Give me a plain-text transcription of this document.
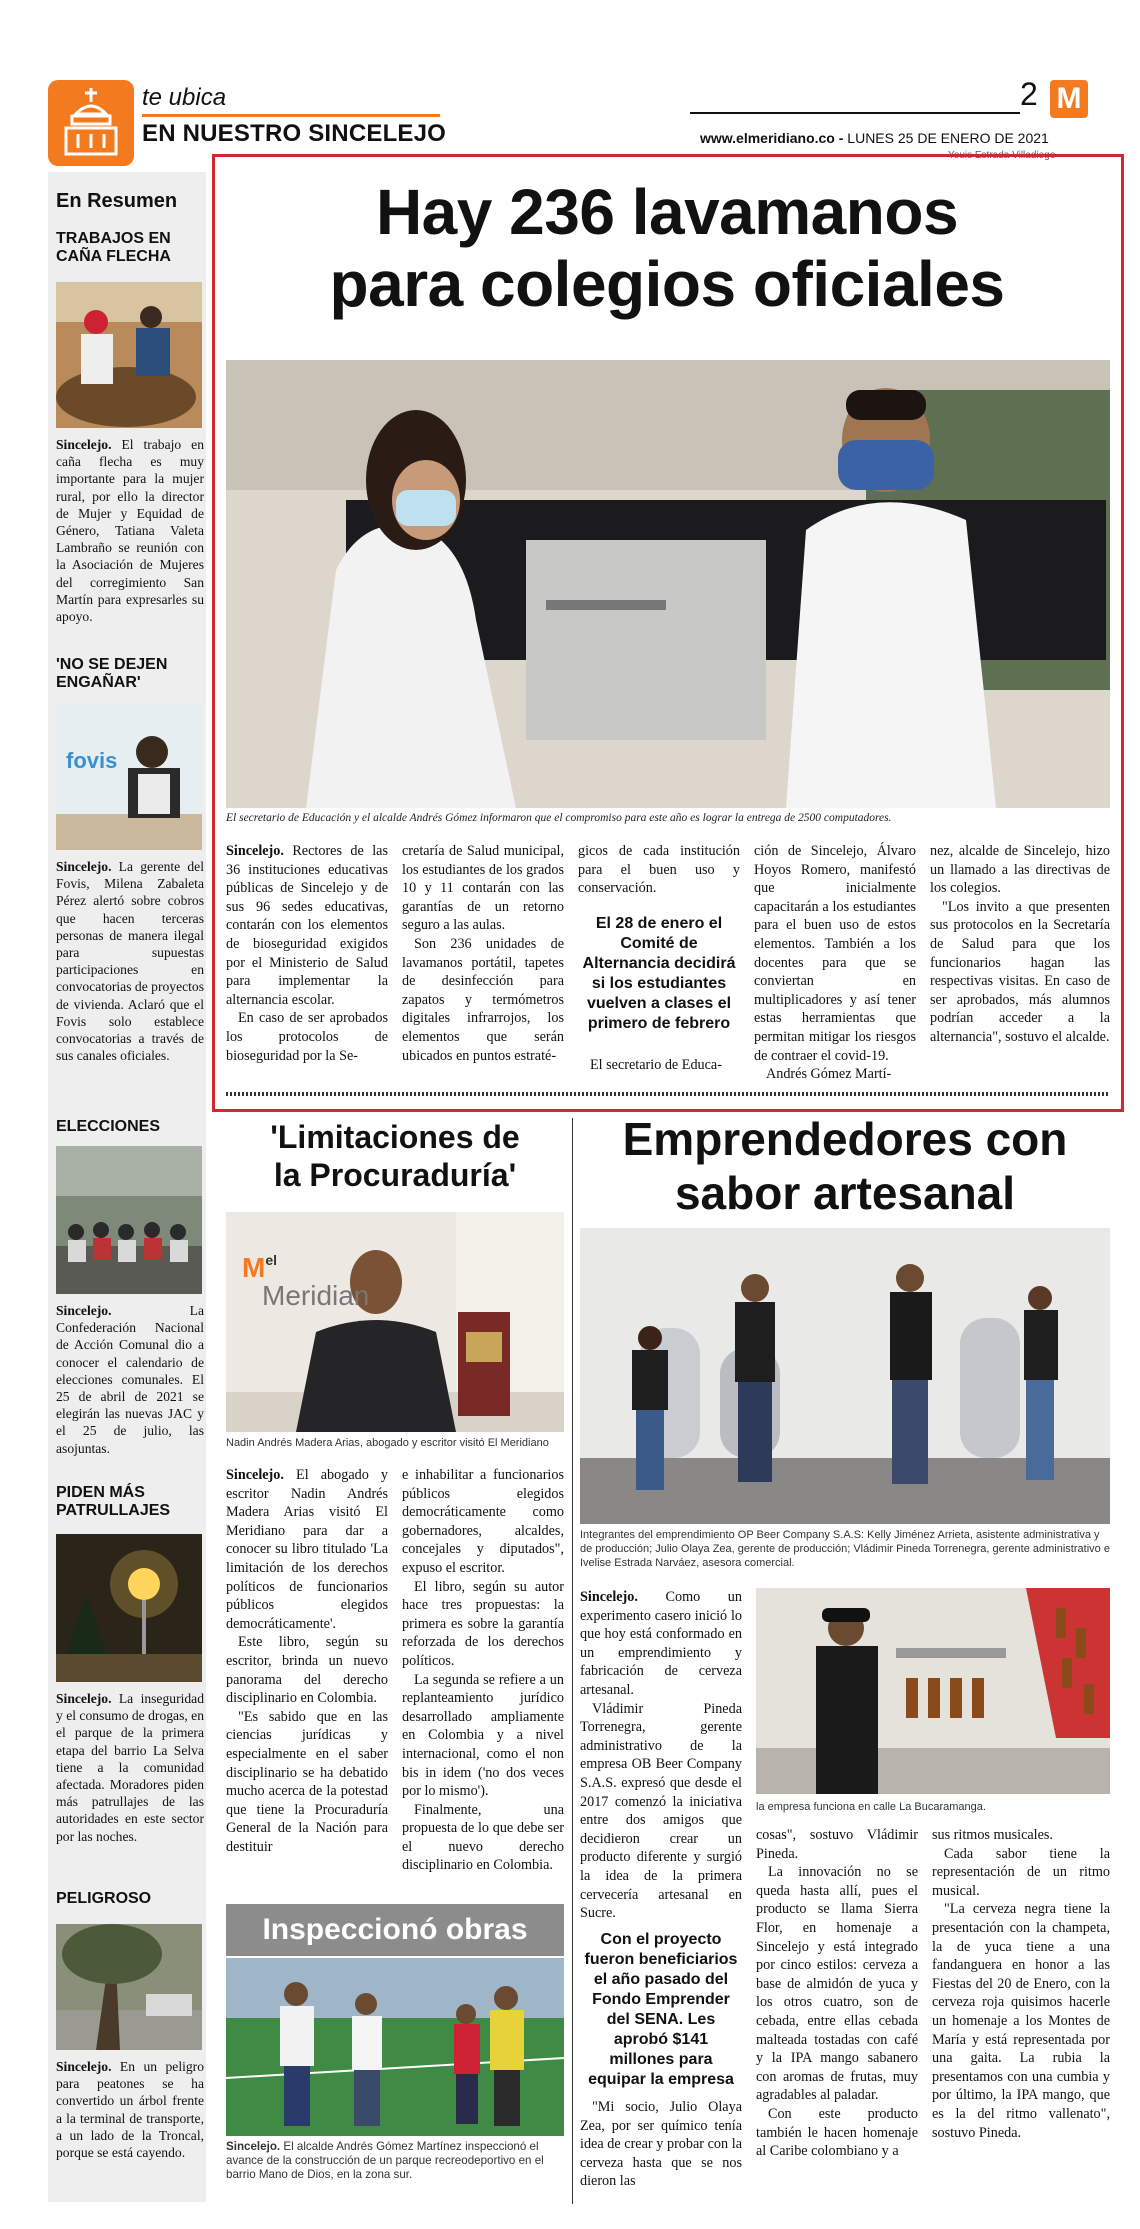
te ubica
EN NUESTRO SINCELEJO
2 M
www.elmeridiano.co - LUNES 25 DE ENERO DE 2021
Yeuis Estrada Villadiego
En Resumen
TRABAJOS EN CAÑA FLECHA
Sincelejo. El trabajo en caña flecha es muy importante para la mujer rural, por ello la director de Mujer y Equidad de Género, Tatiana Valeta Lambraño se reunión con la Asociación de Mujeres del corregimiento San Martín para expresarles su apoyo.
'NO SE DEJEN ENGAÑAR'
fovis
Sincelejo. La gerente del Fovis, Milena Zabaleta Pérez alertó sobre cobros que hacen terceras personas de manera ilegal para supuestas participaciones en convocatorias de proyectos de vivienda. Aclaró que el Fovis solo establece convocatorias a través de sus canales oficiales.
ELECCIONES
Sincelejo. La Confederación Nacional de Acción Comunal dio a conocer el calendario de elecciones comunales. El 25 de abril de 2021 se elegirán las nuevas JAC y el 25 de julio, las asojuntas.
PIDEN MÁS PATRULLAJES
Sincelejo. La inseguridad y el consumo de drogas, en el parque de la primera etapa del barrio La Selva tiene a la comunidad afectada. Moradores piden más patrullajes de las autoridades en este sector por las noches.
PELIGROSO
Sincelejo. En un peligro para peatones se ha convertido un árbol frente a la terminal de transporte, a un lado de la Troncal, porque se está cayendo.
Hay 236 lavamanos
para colegios oficiales
El secretario de Educación y el alcalde Andrés Gómez informaron que el compromiso para este año es lograr la entrega de 2500 computadores.

Sincelejo. Rectores de las 36 instituciones educativas públicas de Sincelejo y de sus 96 sedes educativas, contarán con los elementos de bioseguridad exigidos por el Ministerio de Salud para implementar la alternancia escolar.

En caso de ser aprobados los protocolos de bioseguridad por la Se-

cretaría de Salud municipal, los estudiantes de los grados 10 y 11 contarán con las garantías de un retorno seguro a las aulas.

Son 236 unidades de lavamanos portátil, tapetes de desinfección para zapatos y termómetros digitales infrarrojos, los elementos que serán ubicados en puntos estraté-

gicos de cada institución para el buen uso y conservación.

El 28 de enero el Comité de Alternancia decidirá si los estudiantes vuelven a clases el primero de febrero
El secretario de Educa-

ción de Sincelejo, Álvaro Hoyos Romero, manifestó que inicialmente capacitarán a los estudiantes para el buen uso de estos elementos. También a los docentes para que se conviertan en multiplicadores y así tener estas herramientas que permitan mitigar los riesgos de contraer el covid-19.

Andrés Gómez Martí-

nez, alcalde de Sincelejo, hizo un llamado a las directivas de los colegios.

"Los invito a que presenten sus protocolos en la Secretaría de Salud para que los funcionarios hagan las respectivas visitas. En caso de ser aprobados, más alumnos podrían acceder a la alternancia", sostuvo el alcalde.

'Limitaciones de
la Procuraduría'
$M^{el}$
Meridian
Nadin Andrés Madera Arias, abogado y escritor visitó El Meridiano

Sincelejo. El abogado y escritor Nadin Andrés Madera Arias visitó El Meridiano para dar a conocer su libro titulado 'La limitación de los derechos políticos de funcionarios públicos elegidos democráticamente'.

Este libro, según su escritor, brinda un nuevo panorama del derecho disciplinario en Colombia.

"Es sabido que en las ciencias jurídicas y especialmente en el saber disciplinario se ha debatido mucho acerca de la potestad que tiene la Procuraduría General de la Nación para destituir

e inhabilitar a funcionarios públicos elegidos democráticamente como gobernadores, alcaldes, concejales y diputados", expuso el escritor.

El libro, según su autor hace tres propuestas: la primera es sobre la garantía reforzada de los derechos políticos.

La segunda se refiere a un replanteamiento jurídico desarrollado ampliamente en Colombia y a nivel internacional, como el non bis in idem ('no dos veces por lo mismo').

Finalmente, una propuesta de lo que debe ser el nuevo derecho disciplinario en Colombia.

Inspeccionó obras
Sincelejo. El alcalde Andrés Gómez Martínez inspeccionó el avance de la construcción de un parque recreodeportivo en el barrio Mano de Dios, en la zona sur.
Emprendedores con
sabor artesanal
Integrantes del emprendimiento OP Beer Company S.A.S: Kelly Jiménez Arrieta, asistente administrativa y de producción; Julio Olaya Zea, gerente de producción; Vládimir Pineda Torrenegra, gerente administrativo e Ivelise Estrada Narváez, asesora comercial.

Sincelejo. Como un experimento casero inició lo que hoy está conformado en un emprendimiento y fabricación de cerveza artesanal.

Vládimir Pineda Torrenegra, gerente administrativo de la empresa OB Beer Company S.A.S. expresó que desde el 2017 comenzó la iniciativa entre dos amigos que decidieron crear un producto diferente y surgió la idea de la primera cervecería artesanal en Sucre.

Con el proyecto fueron beneficiarios el año pasado del Fondo Emprender del SENA. Les aprobó $141 millones para equipar la empresa
"Mi socio, Julio Olaya Zea, por ser químico tenía idea de crear y probar con la cerveza hasta que se nos dieron las
la empresa funciona en calle La Bucaramanga.

cosas", sostuvo Vládimir Pineda.

La innovación no se queda hasta allí, pues el producto se llama Sierra Flor, en homenaje a Sincelejo y está integrado por cinco estilos: cerveza a base de almidón de yuca y los otros cuatro, son de cebada, entre ellas cebada malteada tostadas con café y la IPA mango sabanero con aromas de frutas, muy agradables al paladar.

Con este producto también le hacen homenaje al Caribe colombiano y a

sus ritmos musicales.

Cada sabor tiene la representación de un ritmo musical.

"La cerveza negra tiene la presentación con la champeta, la de yuca tiene a una fandanguera en honor a las Fiestas del 20 de Enero, con la cerveza roja quisimos hacerle un homenaje a los Montes de María y está representada por una gaita. La rubia la presentamos con una cumbia y por último, la IPA mango, que es la del ritmo vallenato", sostuvo Pineda.
